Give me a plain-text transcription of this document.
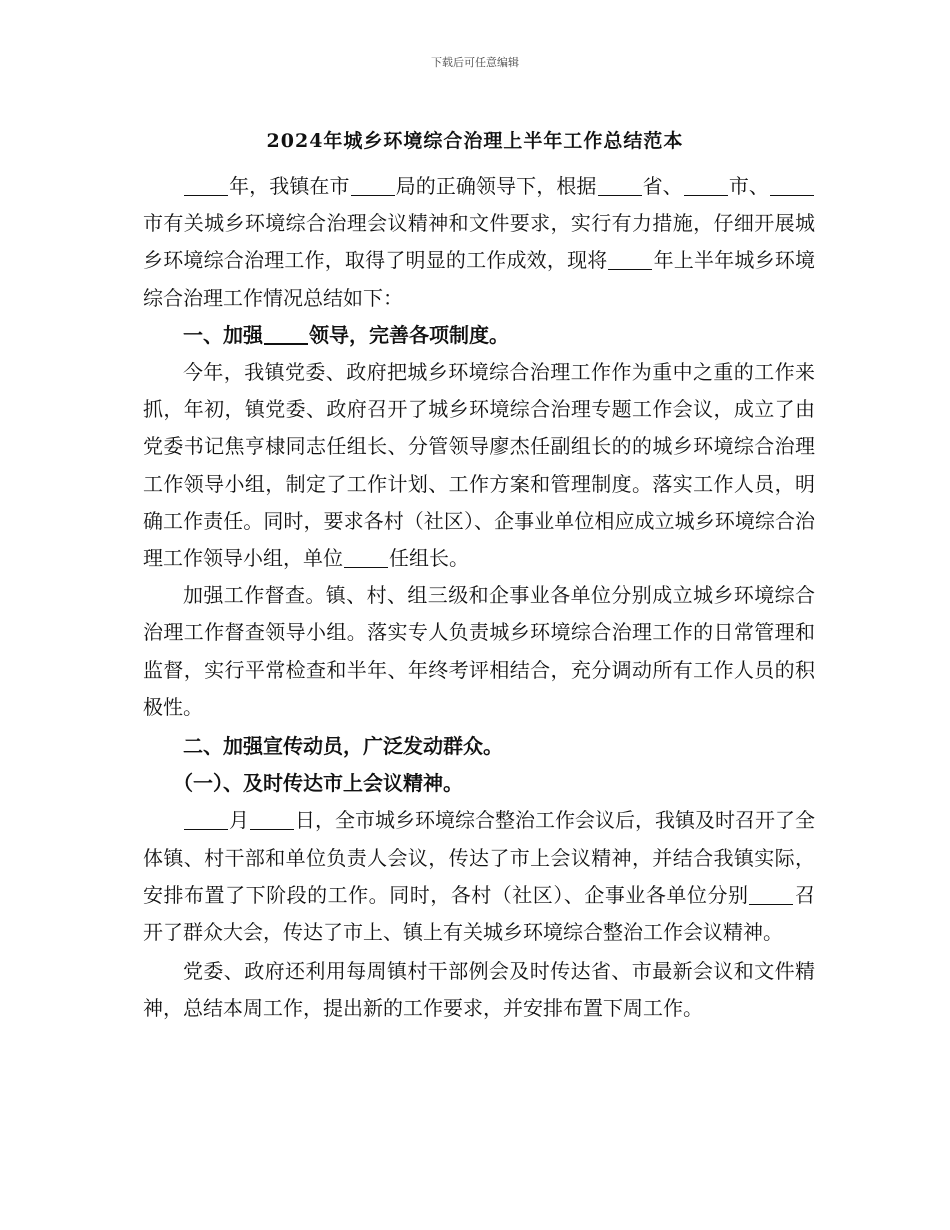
下载后可任意编辑
2024年城乡环境综合治理上半年工作总结范本

年，我镇在市 局的正确领导下，根据 省、 市、市有关城乡环境综合治理会议精神和文件要求，实行有力措施，仔细开展城乡环境综合治理工作，取得了明显的工作成效，现将 年上半年城乡环境综合治理工作情况总结如下：

一、加强 领导，完善各项制度。

今年，我镇党委、政府把城乡环境综合治理工作作为重中之重的工作来抓，年初，镇党委、政府召开了城乡环境综合治理专题工作会议，成立了由党委书记焦亨棣同志任组长、分管领导廖杰任副组长的的城乡环境综合治理工作领导小组，制定了工作计划、工作方案和管理制度。落实工作人员，明确工作责任。同时，要求各村（社区）、企事业单位相应成立城乡环境综合治理工作领导小组，单位 任组长。

加强工作督查。镇、村、组三级和企事业各单位分别成立城乡环境综合治理工作督查领导小组。落实专人负责城乡环境综合治理工作的日常管理和监督，实行平常检查和半年、年终考评相结合，充分调动所有工作人员的积极性。

二、加强宣传动员，广泛发动群众。

（一）、及时传达市上会议精神。

月 日，全市城乡环境综合整治工作会议后，我镇及时召开了全体镇、村干部和单位负责人会议，传达了市上会议精神，并结合我镇实际，安排布置了下阶段的工作。同时，各村（社区）、企事业各单位分别 召开了群众大会，传达了市上、镇上有关城乡环境综合整治工作会议精神。

党委、政府还利用每周镇村干部例会及时传达省、市最新会议和文件精神，总结本周工作，提出新的工作要求，并安排布置下周工作。
